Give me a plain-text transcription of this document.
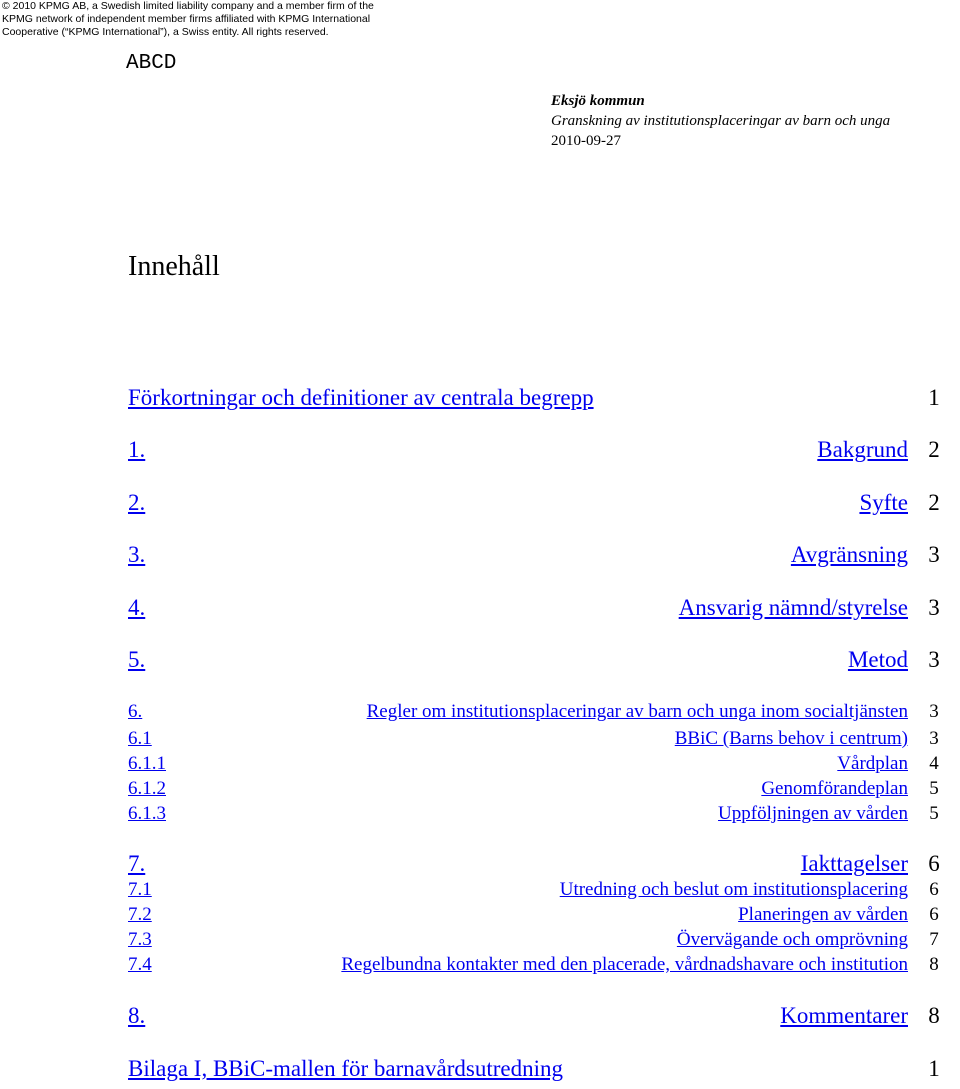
© 2010 KPMG AB, a Swedish limited liability company and a member firm of the
KPMG network of independent member firms affiliated with KPMG International
Cooperative (“KPMG International”), a Swiss entity. All rights reserved.
ABCD
Eksjö kommun
Granskning av institutionsplaceringar av barn och unga
2010-09-27
Innehåll
Förkortningar och definitioner av centrala begrepp	1
1.	Bakgrund 2
2.	Syfte 2
3.	Avgränsning 3
4.	Ansvarig nämnd/styrelse 3
5.	Metod 3
6.	Regler om institutionsplaceringar av barn och unga inom socialtjänsten	3
6.1	BBiC (Barns behov i centrum)	3
6.1.1	Vårdplan	4
6.1.2	Genomförandeplan	5
6.1.3	Uppföljningen av vården	5
7.	Iakttagelser 6
7.1	Utredning och beslut om institutionsplacering	6
7.2	Planeringen av vården	6
7.3	Övervägande och omprövning	7
7.4	Regelbundna kontakter med den placerade, vårdnadshavare och institution	8
8.	Kommentarer 8
Bilaga I, BBiC-mallen för barnavårdsutredning	1
